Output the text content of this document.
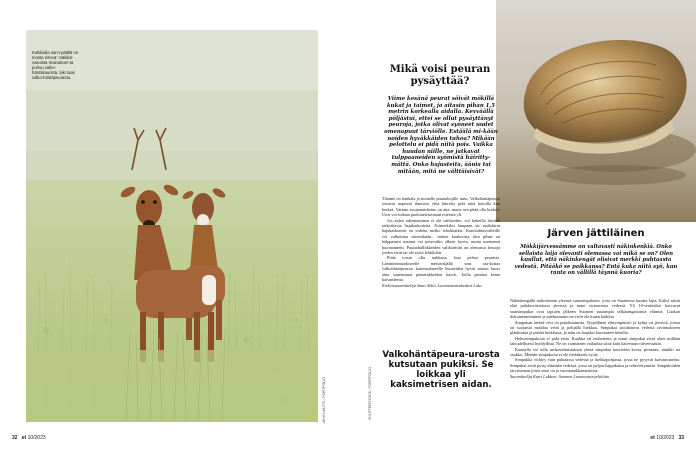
Kaikkialla sarvi-päällä on monta nimeä: mäkikä-vasuista-mainuttum-ta puhuu valko-häntäkaurista, laki taas valko-häntäpeurasta.
JUHA NUUTTI / PORTFOLIO
32 et 10/2023
Mikä voisi peuran pysäyttää?
Viime kesänä peurat söivät mökillä kukat ja taimet, ja aitasin pihan 1,5 metrin korkealla aidalla. Kevväällä pöljästui, ettei se ollut pysäyttänyt peuroja, jotka olivat syöneet uudet omenapuut tärviölle. Estäälä mi-kään noiden hyväkkäiden tuhoa? Mikään pelottelu ei pidä niitä pois. Vaikka huudan niille, ne jatkavat tulppaaneiden syömistä häiritty-mättä. Onko hajusteita, äänia tai mitään, mitä ne välttäisivät?

Tilanne on hankala ja monelle puutarhojille tuttu. Valkohäntäpeurat tottuvat nopeasti ihmisiin, eikä häiriöty pelä niitä kotoilla kun herkeä. Varmin suojaamiskeino on aita, mutta sen pitää olla korkea. Uros voi loikata puolimetrisestaan esteestä yli.

Jos aidan rakentaminen ei ole vaihtoehto, voi kokeilla hävitää tarkoittavia hajukarkotteita. Esimerkiksi lampaan tai susikäärin hajukarkotteet on todettu melko tehokkaiksi. Karottalmisvalleille voi valkaistua siitemikään... mitten kuuluvista iäva pihan on hälppaustit mainut vai pesevatko alkein hyvin, mutta useimmat huomonnetti. Puutarhalliikkeiden valikoimiin on olemassa kestoja joiden eivät tai ole työtä lehtikilön.

Pitää toisin olla tarkkana, kun peltoa peurasta. Lämmönmuodoseelle metsäviljällä seas taa-kottaa valkohäntäpeuroa, kaimuodaseelle huoneiden hyvät miuun kuori aina suuremmat pääsarakkeiden kasvit. Joilla peuttaa kenta kaivanleetta.

Erikoissuunnittelija Sami Aikio, Luonnonvarakeskus Luke

Valkohäntäpeura-urosta kutsutaan pukiksi. Se loikkaa yli kaksimetrisen aidan.
SHUTTERSTOCK / PORTFOLIO
Järven jättiläinen
Mökkijärvessämme on valtavasti näkinkenkiä. Onko sellaista laija olevanti olemassa vai mikä se on? Olen kuullut, että näkinkengät olisivat merkki puhtaasta vedestä. Pitääkö se paikkansa? Entä kuka niitä syö, kun ranta on vällillä täynnä kuoria?

Näkinkengällä tarkoitetaan yleensä suursimpukoita, joita on Suomessa kuusta lajia. Kaksi niistä elää puhdasvirtaisissa järvissä ja muut virtaavassa vedessä. Yli 10-senttisiksi kasvavat suursimpukat ovat tapojen jälkeen Suomen suurimpia selkärangattomia eläimiä. Luokan dokumentoiminen ja mieluummin ne eivät ole kuten kaikkia.

Simpukan tärkeä vesi on puhdistamista. Tyypillinen elinympäristö ja kyhta on järvissä, joissa on suojaista matalaa vettä ja pohjalla hiekkaa. Simpukat suodattavat vedestä ravinnokseen planktonia ja pieniä hiukkasia, ja näin on laajaksi kasvaneen tieteilla.

Helmisimpukoita ei pidä etsiä. Kaukka on rauhoitettu ja muut simpukat eivät oleet millään taloudellisesti hyödyllisiä. Ne on vaintainen vaikuttaa siinä kuin kaivetaan valveessakin.

Kunnalla voi tulla ruokavalmistuksen ylenä simpukat kuoriseen kovia, piisaami, minkki tai saukko. Meidän simpukoita ei ole tietääkseni syöty.

Simpukka viihtyy vain puhtaassa vedessä ja hiekkapohjassa, jossa ne pysyvät kaivautuneina. Simpukat eivät pysty elämään vedessä, jossa on paljon happikatoa ja rehevöitymistä. Simpukoiden tarvitseman joista meri on ja vuonnanikkamaisessa.

Suunnittelija Katri Lukkari, Suomen Luonnonsuojeluliitto

et 10/2023 33
